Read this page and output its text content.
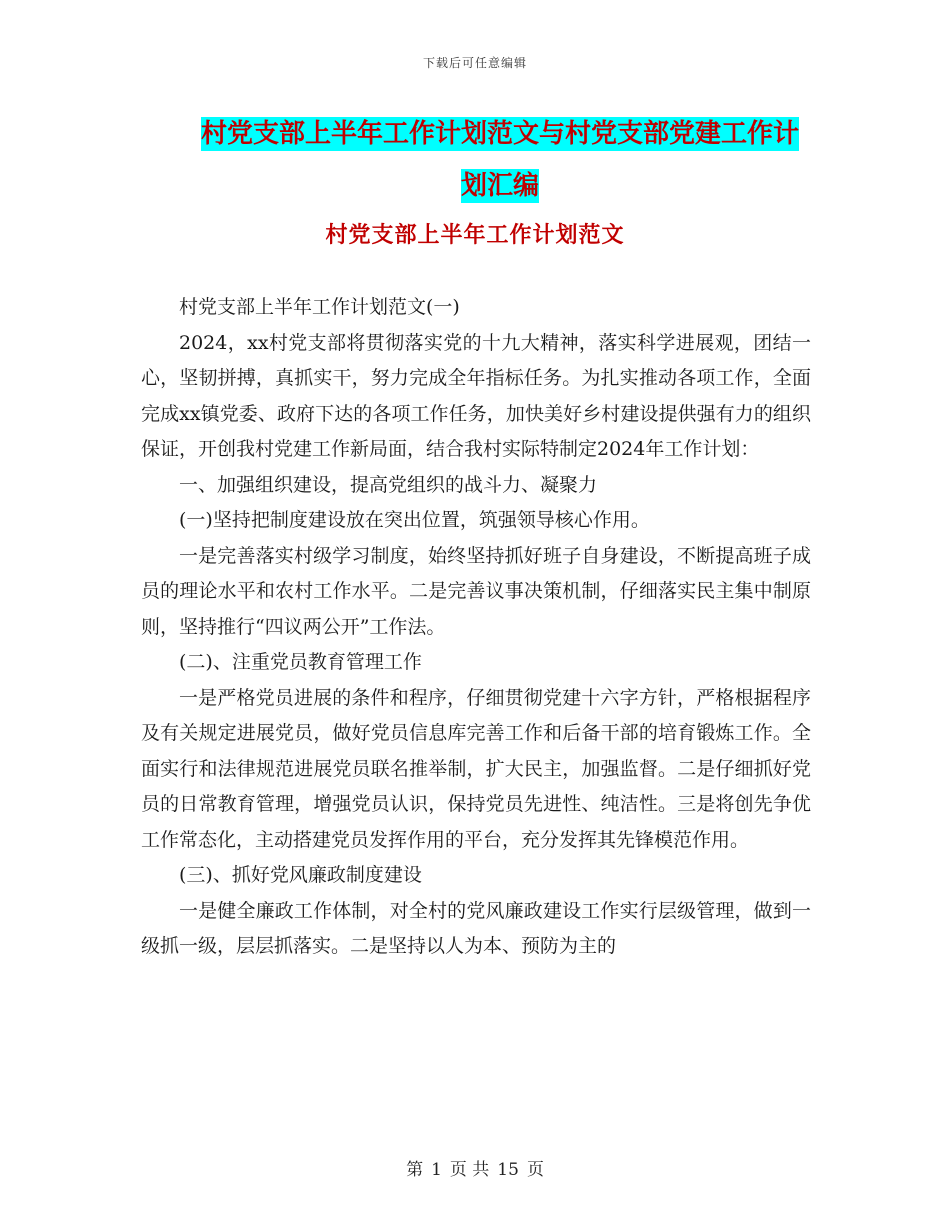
下载后可任意编辑
村党支部上半年工作计划范文与村党支部党建工作计
划汇编
村党支部上半年工作计划范文

村党支部上半年工作计划范文(一)

2024，xx村党支部将贯彻落实党的十九大精神，落实科学进展观，团结一心，坚韧拼搏，真抓实干，努力完成全年指标任务。为扎实推动各项工作，全面完成xx镇党委、政府下达的各项工作任务，加快美好乡村建设提供强有力的组织保证，开创我村党建工作新局面，结合我村实际特制定2024年工作计划：

一、加强组织建设，提高党组织的战斗力、凝聚力

(一)坚持把制度建设放在突出位置，筑强领导核心作用。

一是完善落实村级学习制度，始终坚持抓好班子自身建设，不断提高班子成员的理论水平和农村工作水平。二是完善议事决策机制，仔细落实民主集中制原则，坚持推行“四议两公开”工作法。

(二)、注重党员教育管理工作

一是严格党员进展的条件和程序，仔细贯彻党建十六字方针，严格根据程序及有关规定进展党员，做好党员信息库完善工作和后备干部的培育锻炼工作。全面实行和法律规范进展党员联名推举制，扩大民主，加强监督。二是仔细抓好党员的日常教育管理，增强党员认识，保持党员先进性、纯洁性。三是将创先争优工作常态化，主动搭建党员发挥作用的平台，充分发挥其先锋模范作用。

(三)、抓好党风廉政制度建设

一是健全廉政工作体制，对全村的党风廉政建设工作实行层级管理，做到一级抓一级，层层抓落实。二是坚持以人为本、预防为主的

第 1 页 共 15 页
